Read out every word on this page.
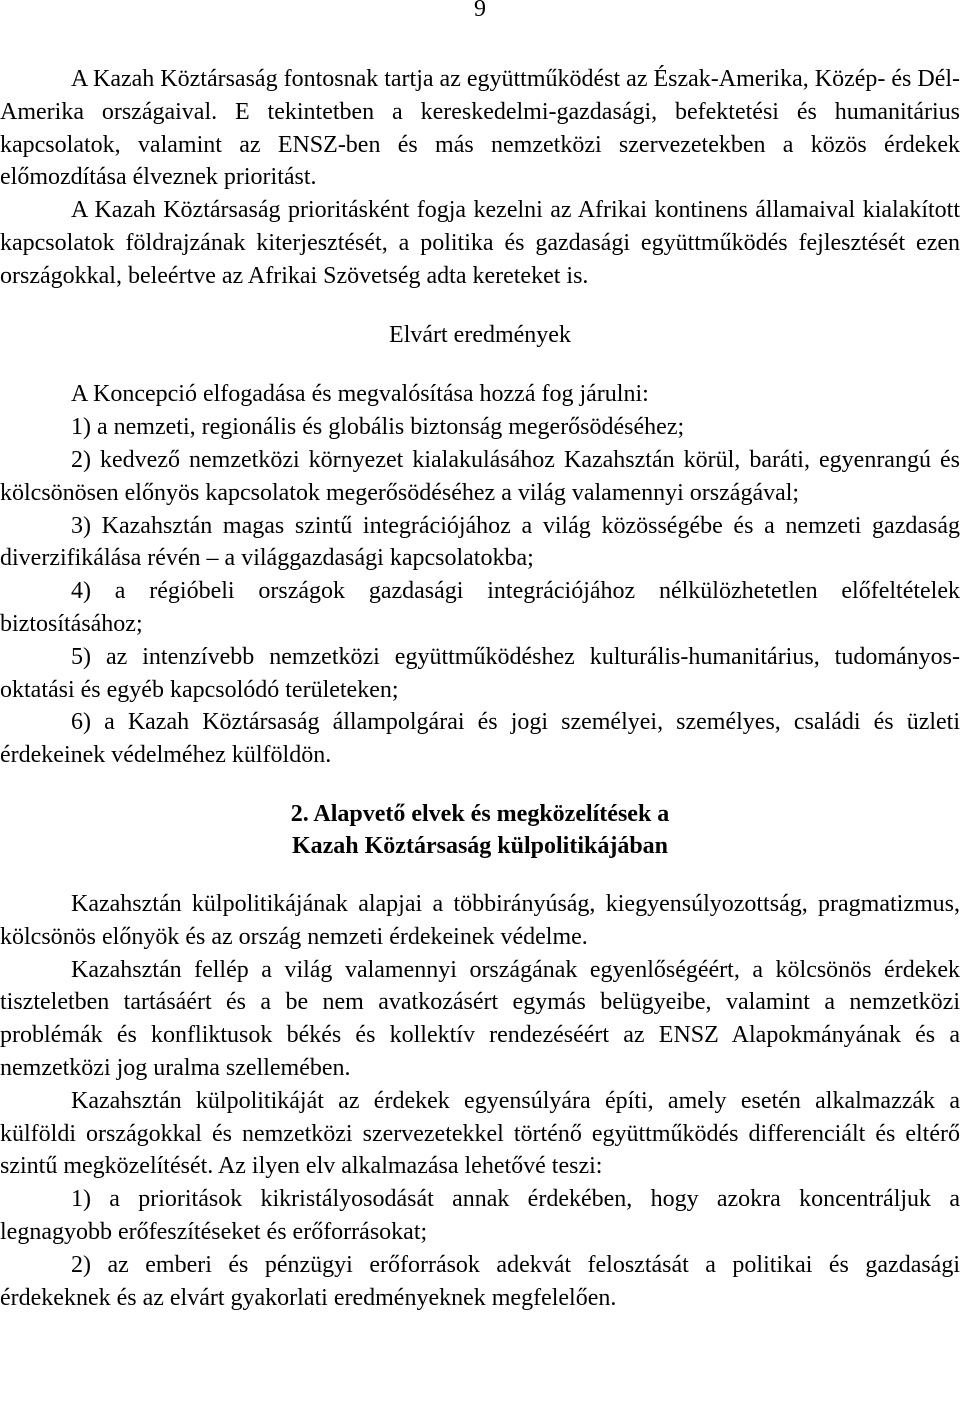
9

A Kazah Köztársaság fontosnak tartja az együttműködést az Észak-Amerika, Közép- és Dél-Amerika országaival. E tekintetben a kereskedelmi-gazdasági, befektetési és humanitárius kapcsolatok, valamint az ENSZ-ben és más nemzetközi szervezetekben a közös érdekek előmozdítása élveznek prioritást.

A Kazah Köztársaság prioritásként fogja kezelni az Afrikai kontinens államaival kialakított kapcsolatok földrajzának kiterjesztését, a politika és gazdasági együttműködés fejlesztését ezen országokkal, beleértve az Afrikai Szövetség adta kereteket is.

Elvárt eredmények

A Koncepció elfogadása és megvalósítása hozzá fog járulni:

1) a nemzeti, regionális és globális biztonság megerősödéséhez;

2) kedvező nemzetközi környezet kialakulásához Kazahsztán körül, baráti, egyenrangú és kölcsönösen előnyös kapcsolatok megerősödéséhez a világ valamennyi országával;

3) Kazahsztán magas szintű integrációjához a világ közösségébe és a nemzeti gazdaság diverzifikálása révén – a világgazdasági kapcsolatokba;

4) a régióbeli országok gazdasági integrációjához nélkülözhetetlen előfeltételek biztosításához;

5) az intenzívebb nemzetközi együttműködéshez kulturális-humanitárius, tudományos-oktatási és egyéb kapcsolódó területeken;

6) a Kazah Köztársaság állampolgárai és jogi személyei, személyes, családi és üzleti érdekeinek védelméhez külföldön.

2. Alapvető elvek és megközelítések a

Kazah Köztársaság külpolitikájában

Kazahsztán külpolitikájának alapjai a többirányúság, kiegyensúlyozottság, pragmatizmus, kölcsönös előnyök és az ország nemzeti érdekeinek védelme.

Kazahsztán fellép a világ valamennyi országának egyenlőségéért, a kölcsönös érdekek tiszteletben tartásáért és a be nem avatkozásért egymás belügyeibe, valamint a nemzetközi problémák és konfliktusok békés és kollektív rendezéséért az ENSZ Alapokmányának és a nemzetközi jog uralma szellemében.

Kazahsztán külpolitikáját az érdekek egyensúlyára építi, amely esetén alkalmazzák a külföldi országokkal és nemzetközi szervezetekkel történő együttműködés differenciált és eltérő szintű megközelítését. Az ilyen elv alkalmazása lehetővé teszi:

1) a prioritások kikristályosodását annak érdekében, hogy azokra koncentráljuk a legnagyobb erőfeszítéseket és erőforrásokat;

2) az emberi és pénzügyi erőforrások adekvát felosztását a politikai és gazdasági érdekeknek és az elvárt gyakorlati eredményeknek megfelelően.
